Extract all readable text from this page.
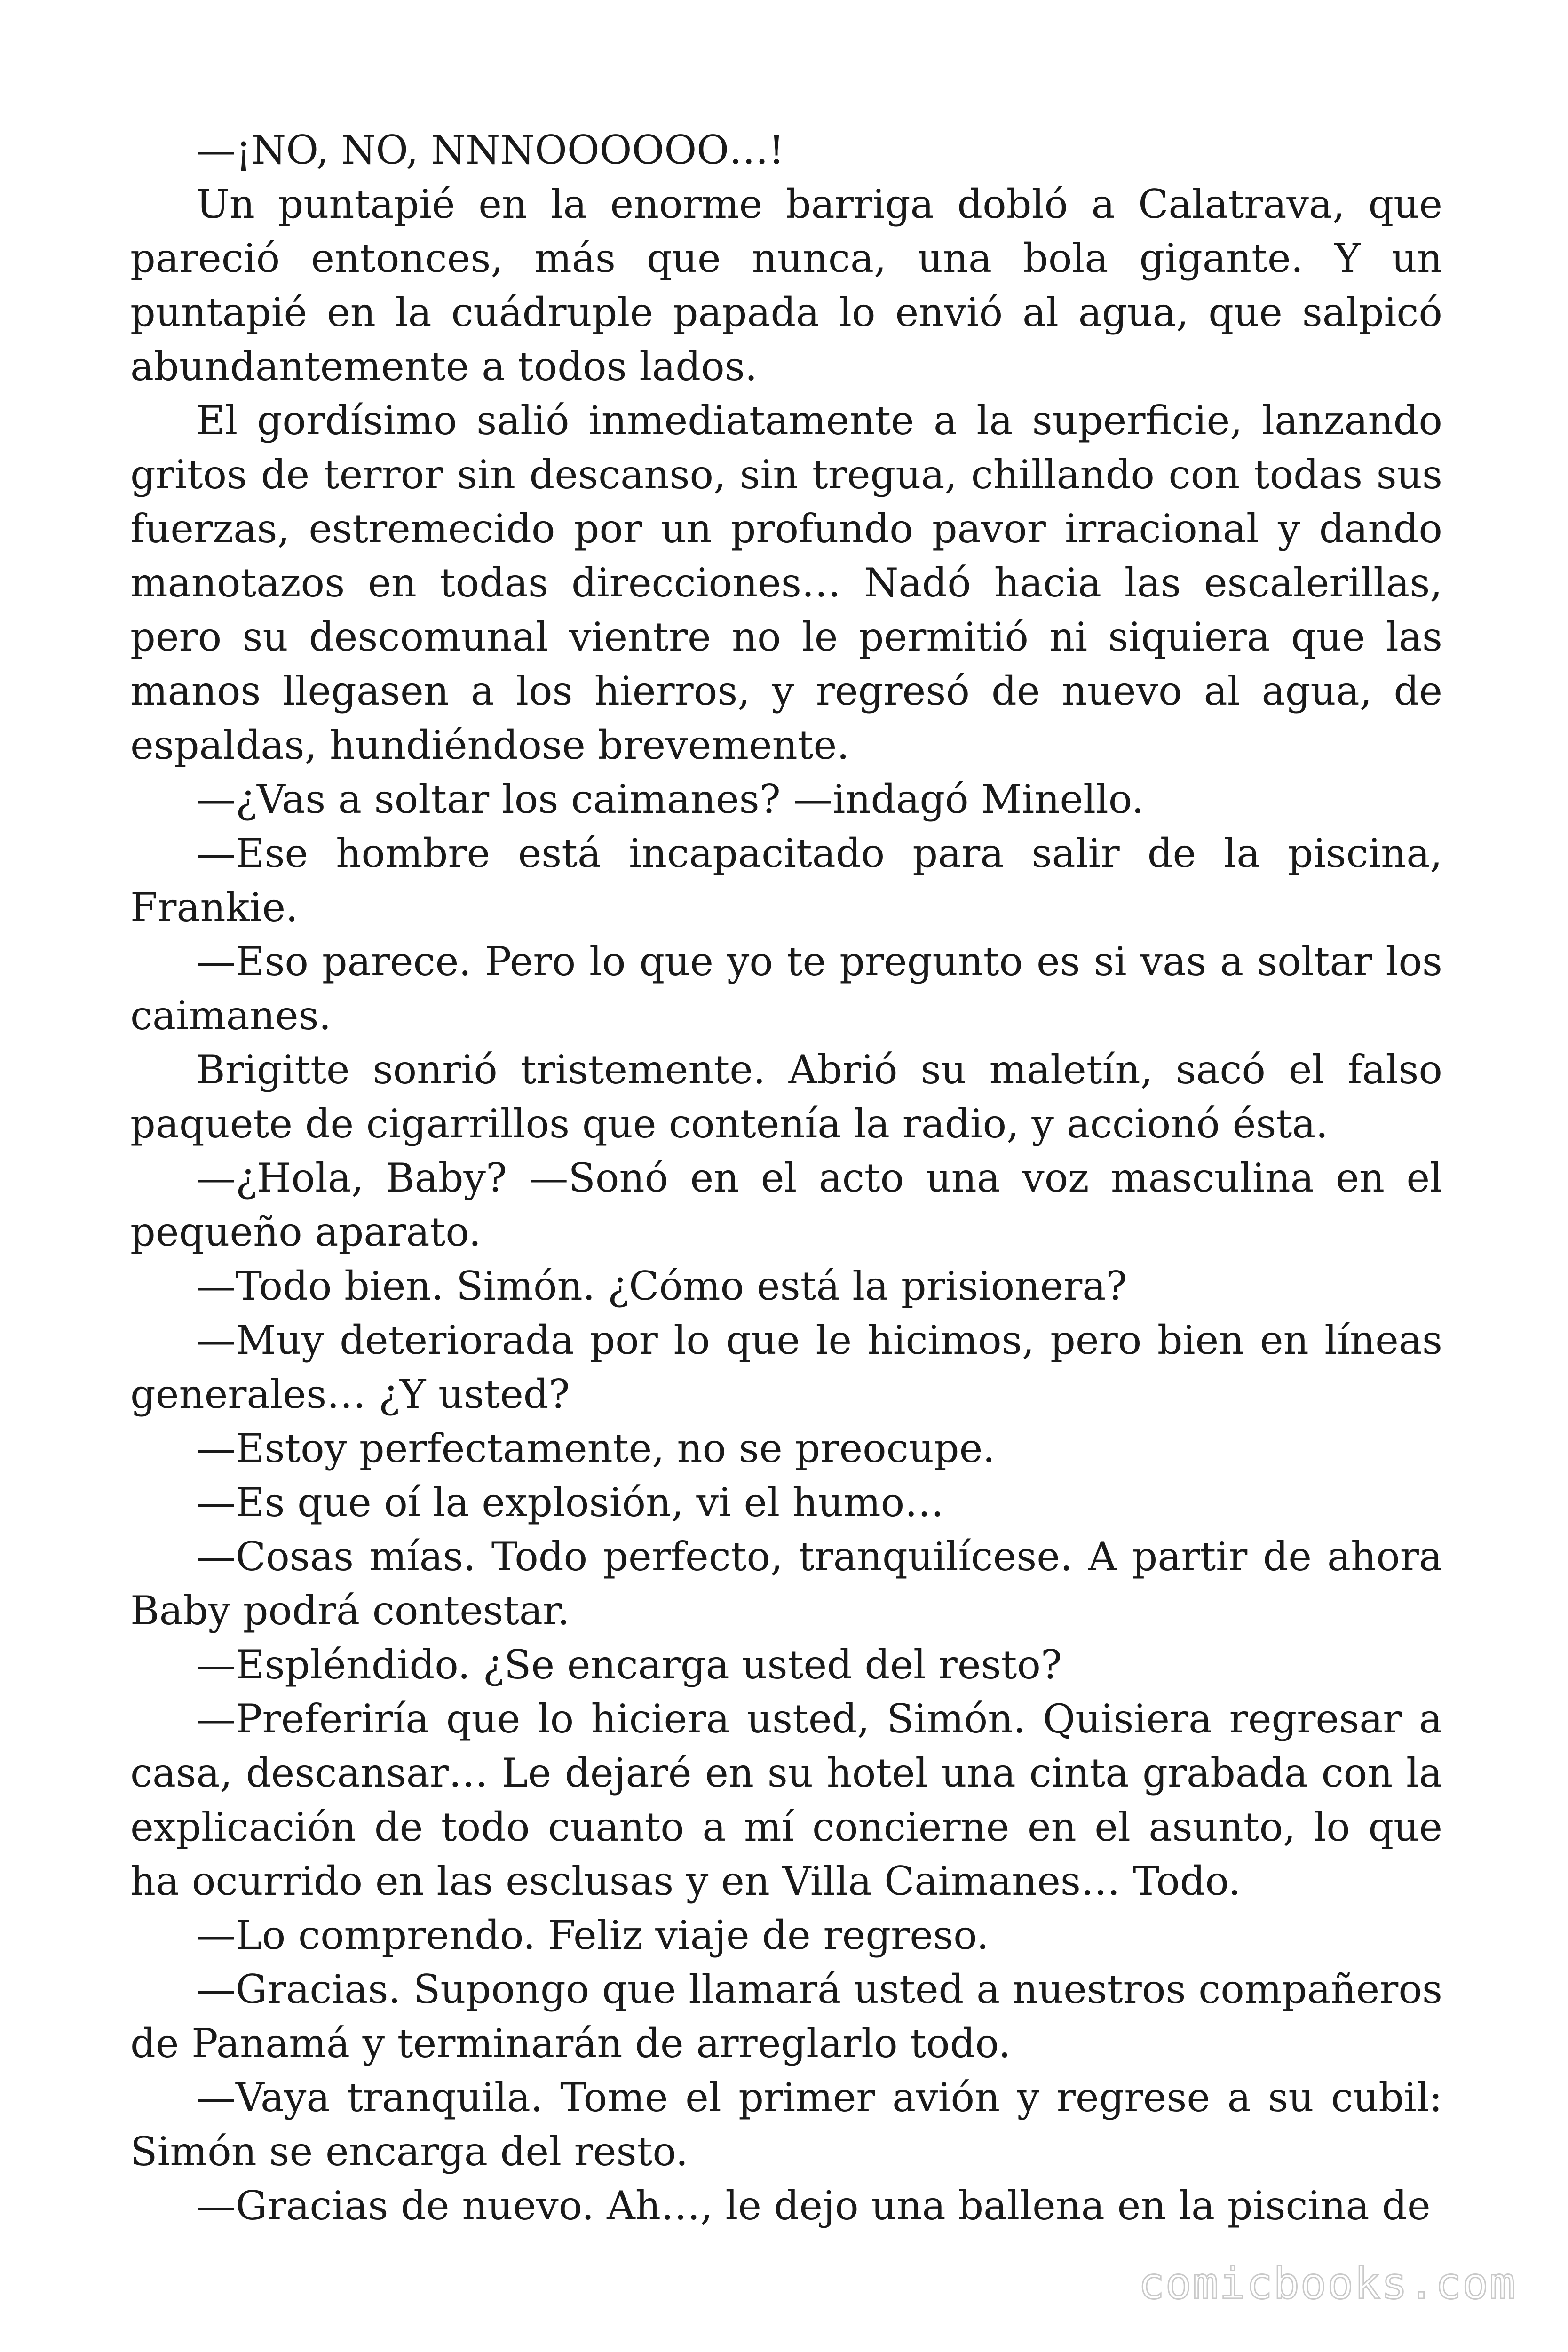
—¡NO, NO, NNNOOOOOO…!

Un puntapié en la enorme barriga dobló a Calatrava, que pareció entonces, más que nunca, una bola gigante. Y un puntapié en la cuádruple papada lo envió al agua, que salpicó abundantemente a todos lados.

El gordísimo salió inmediatamente a la superficie, lanzando gritos de terror sin descanso, sin tregua, chillando con todas sus fuerzas, estremecido por un profundo pavor irracional y dando manotazos en todas direcciones… Nadó hacia las escalerillas, pero su descomunal vientre no le permitió ni siquiera que las manos llegasen a los hierros, y regresó de nuevo al agua, de espaldas, hundiéndose brevemente.

—¿Vas a soltar los caimanes? —indagó Minello.

—Ese hombre está incapacitado para salir de la piscina, Frankie.

—Eso parece. Pero lo que yo te pregunto es si vas a soltar los caimanes.

Brigitte sonrió tristemente. Abrió su maletín, sacó el falso paquete de cigarrillos que contenía la radio, y accionó ésta.

—¿Hola, Baby? —Sonó en el acto una voz masculina en el pequeño aparato.

—Todo bien. Simón. ¿Cómo está la prisionera?

—Muy deteriorada por lo que le hicimos, pero bien en líneas generales… ¿Y usted?

—Estoy perfectamente, no se preocupe.

—Es que oí la explosión, vi el humo…

—Cosas mías. Todo perfecto, tranquilícese. A partir de ahora Baby podrá contestar.

—Espléndido. ¿Se encarga usted del resto?

—Preferiría que lo hiciera usted, Simón. Quisiera regresar a casa, descansar… Le dejaré en su hotel una cinta grabada con la explicación de todo cuanto a mí concierne en el asunto, lo que ha ocurrido en las esclusas y en Villa Caimanes… Todo.

—Lo comprendo. Feliz viaje de regreso.

—Gracias. Supongo que llamará usted a nuestros compañeros de Panamá y terminarán de arreglarlo todo.

—Vaya tranquila. Tome el primer avión y regrese a su cubil: Simón se encarga del resto.

—Gracias de nuevo. Ah…, le dejo una ballena en la piscina de

comicbooks.com
